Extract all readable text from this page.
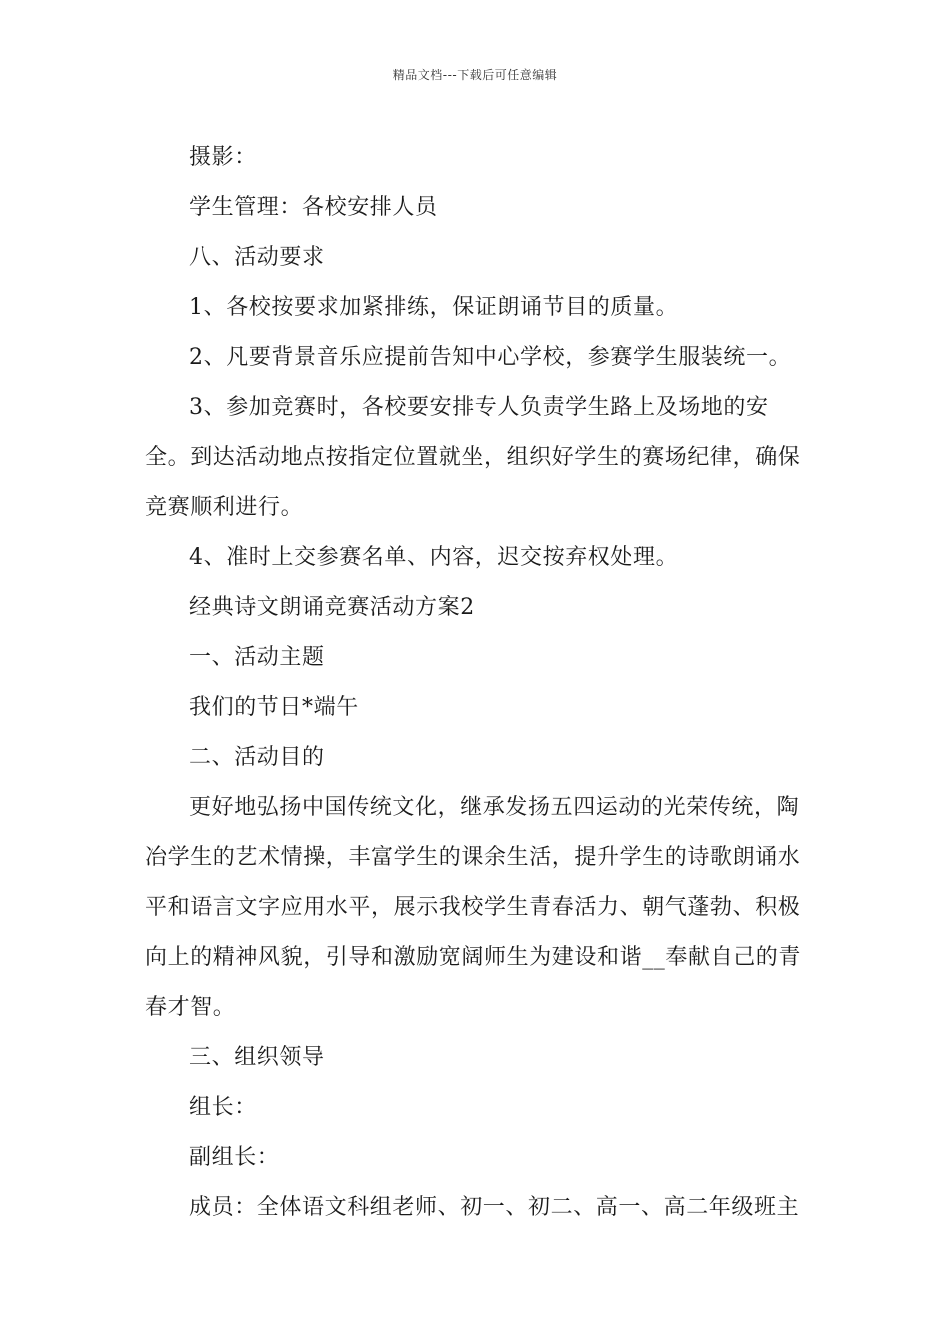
精品文档---下载后可任意编辑

摄影：

学生管理：各校安排人员

八、活动要求

1、各校按要求加紧排练，保证朗诵节目的质量。

2、凡要背景音乐应提前告知中心学校，参赛学生服装统一。

3、参加竞赛时，各校要安排专人负责学生路上及场地的安全。到达活动地点按指定位置就坐，组织好学生的赛场纪律，确保竞赛顺利进行。

4、准时上交参赛名单、内容，迟交按弃权处理。

经典诗文朗诵竞赛活动方案2

一、活动主题

我们的节日*端午

二、活动目的

更好地弘扬中国传统文化，继承发扬五四运动的光荣传统，陶冶学生的艺术情操，丰富学生的课余生活，提升学生的诗歌朗诵水平和语言文字应用水平，展示我校学生青春活力、朝气蓬勃、积极向上的精神风貌，引导和激励宽阔师生为建设和谐__奉献自己的青春才智。

三、组织领导

组长：

副组长：

成员：全体语文科组老师、初一、初二、高一、高二年级班主
